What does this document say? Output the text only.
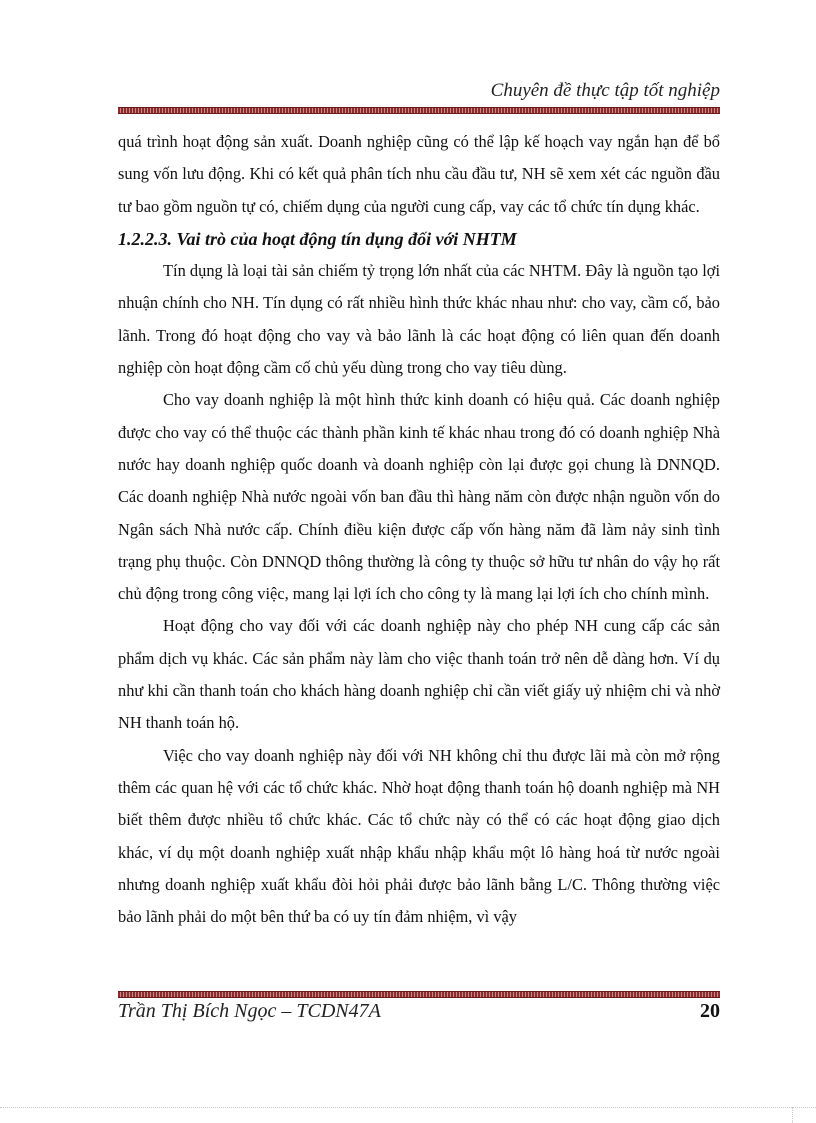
Chuyên đề thực tập tốt nghiệp

quá trình hoạt động sản xuất. Doanh nghiệp cũng có thể lập kế hoạch vay ngắn hạn để bổ sung vốn lưu động. Khi có kết quả phân tích nhu cầu đầu tư, NH sẽ xem xét các nguồn đầu tư bao gồm nguồn tự có, chiếm dụng của người cung cấp, vay các tổ chức tín dụng khác.

1.2.2.3. Vai trò của hoạt động tín dụng đối với NHTM

Tín dụng là loại tài sản chiếm tỷ trọng lớn nhất của các NHTM. Đây là nguồn tạo lợi nhuận chính cho NH. Tín dụng có rất nhiều hình thức khác nhau như: cho vay, cầm cố, bảo lãnh. Trong đó hoạt động cho vay và bảo lãnh là các hoạt động có liên quan đến doanh nghiệp còn hoạt động cầm cố chủ yếu dùng trong cho vay tiêu dùng.

Cho vay doanh nghiệp là một hình thức kinh doanh có hiệu quả. Các doanh nghiệp được cho vay có thể thuộc các thành phần kinh tế khác nhau trong đó có doanh nghiệp Nhà nước hay doanh nghiệp quốc doanh và doanh nghiệp còn lại được gọi chung là DNNQD. Các doanh nghiệp Nhà nước ngoài vốn ban đầu thì hàng năm còn được nhận nguồn vốn do Ngân sách Nhà nước cấp. Chính điều kiện được cấp vốn hàng năm đã làm nảy sinh tình trạng phụ thuộc. Còn DNNQD thông thường là công ty thuộc sở hữu tư nhân do vậy họ rất chủ động trong công việc, mang lại lợi ích cho công ty là mang lại lợi ích cho chính mình.

Hoạt động cho vay đối với các doanh nghiệp này cho phép NH cung cấp các sản phẩm dịch vụ khác. Các sản phẩm này làm cho việc thanh toán trở nên dễ dàng hơn. Ví dụ như khi cần thanh toán cho khách hàng doanh nghiệp chỉ cần viết giấy uỷ nhiệm chi và nhờ NH thanh toán hộ.

Việc cho vay doanh nghiệp này đối với NH không chỉ thu được lãi mà còn mở rộng thêm các quan hệ với các tổ chức khác. Nhờ hoạt động thanh toán hộ doanh nghiệp mà NH biết thêm được nhiều tổ chức khác. Các tổ chức này có thể có các hoạt động giao dịch khác, ví dụ một doanh nghiệp xuất nhập khẩu nhập khẩu một lô hàng hoá từ nước ngoài nhưng doanh nghiệp xuất khẩu đòi hỏi phải được bảo lãnh bằng L/C. Thông thường việc bảo lãnh phải do một bên thứ ba có uy tín đảm nhiệm, vì vậy

Trần Thị Bích Ngọc – TCDN47A	20
